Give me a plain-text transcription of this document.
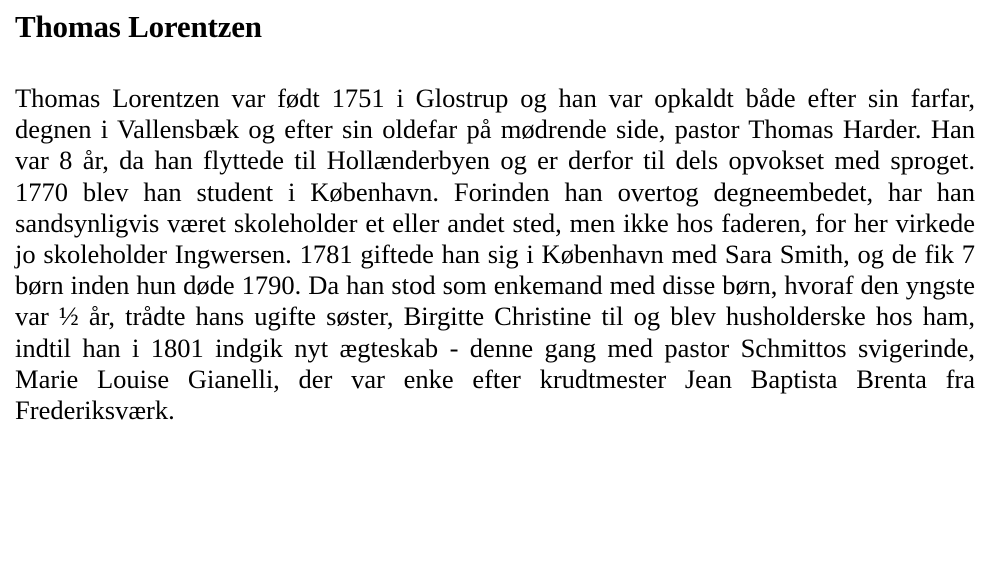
Thomas Lorentzen

Thomas Lorentzen var født 1751 i Glostrup og han var opkaldt både efter sin farfar, degnen i Vallensbæk og efter sin oldefar på mødrende side, pastor Thomas Harder. Han var 8 år, da han flyttede til Hollænderbyen og er derfor til dels opvokset med sproget. 1770 blev han student i København. Forinden han overtog degneembedet, har han sandsynligvis været skoleholder et eller andet sted, men ikke hos faderen, for her virkede jo skoleholder Ingwersen. 1781 giftede han sig i København med Sara Smith, og de fik 7 børn inden hun døde 1790. Da han stod som enkemand med disse børn, hvoraf den yngste var ½ år, trådte hans ugifte søster, Birgitte Christine til og blev husholderske hos ham, indtil han i 1801 indgik nyt ægteskab - denne gang med pastor Schmittos svigerinde, Marie Louise Gianelli, der var enke efter krudtmester Jean Baptista Brenta fra Frederiksværk.
